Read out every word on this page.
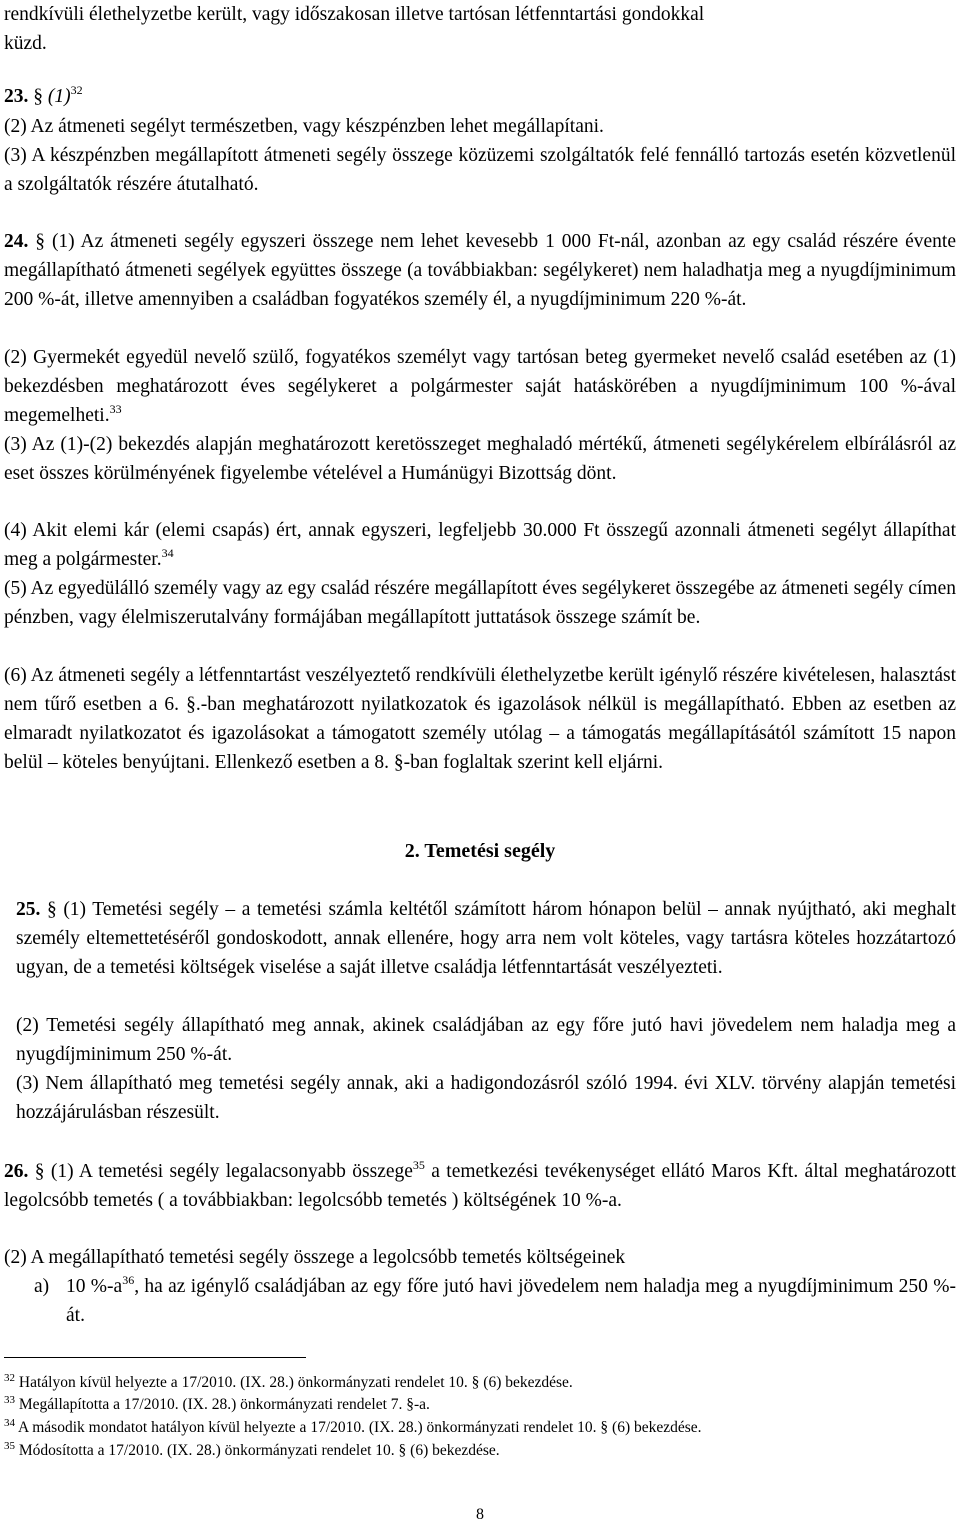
rendkívüli élethelyzetbe került, vagy időszakosan illetve tartósan létfenntartási gondokkal

küzd.

23. § $(1)^{32}$

(2) Az átmeneti segélyt természetben, vagy készpénzben lehet megállapítani.

(3) A készpénzben megállapított átmeneti segély összege közüzemi szolgáltatók felé fennálló tartozás esetén közvetlenül a szolgáltatók részére átutalható.

24. § (1) Az átmeneti segély egyszeri összege nem lehet kevesebb 1 000 Ft-nál, azonban az egy család részére évente megállapítható átmeneti segélyek együttes összege (a továbbiakban: segélykeret) nem haladhatja meg a nyugdíjminimum 200 %-át, illetve amennyiben a családban fogyatékos személy él, a nyugdíjminimum 220 %-át.

(2) Gyermekét egyedül nevelő szülő, fogyatékos személyt vagy tartósan beteg gyermeket nevelő család esetében az (1) bekezdésben meghatározott éves segélykeret a polgármester saját hatáskörében a nyugdíjminimum 100 %-ával megemelheti.$^{33}$

(3) Az (1)-(2) bekezdés alapján meghatározott keretösszeget meghaladó mértékű, átmeneti segélykérelem elbírálásról az eset összes körülményének figyelembe vételével a Humánügyi Bizottság dönt.

(4) Akit elemi kár (elemi csapás) ért, annak egyszeri, legfeljebb 30.000 Ft összegű azonnali átmeneti segélyt állapíthat meg a polgármester.$^{34}$

(5) Az egyedülálló személy vagy az egy család részére megállapított éves segélykeret összegébe az átmeneti segély címen pénzben, vagy élelmiszerutalvány formájában megállapított juttatások összege számít be.

(6) Az átmeneti segély a létfenntartást veszélyeztető rendkívüli élethelyzetbe került igénylő részére kivételesen, halasztást nem tűrő esetben a 6. §.-ban meghatározott nyilatkozatok és igazolások nélkül is megállapítható. Ebben az esetben az elmaradt nyilatkozatot és igazolásokat a támogatott személy utólag – a támogatás megállapításától számított 15 napon belül – köteles benyújtani. Ellenkező esetben a 8. §-ban foglaltak szerint kell eljárni.

2. Temetési segély

25. § (1) Temetési segély – a temetési számla keltétől számított három hónapon belül – annak nyújtható, aki meghalt személy eltemettetéséről gondoskodott, annak ellenére, hogy arra nem volt köteles, vagy tartásra köteles hozzátartozó ugyan, de a temetési költségek viselése a saját illetve családja létfenntartását veszélyezteti.

(2) Temetési segély állapítható meg annak, akinek családjában az egy főre jutó havi jövedelem nem haladja meg a nyugdíjminimum 250 %-át.

(3) Nem állapítható meg temetési segély annak, aki a hadigondozásról szóló 1994. évi XLV. törvény alapján temetési hozzájárulásban részesült.

26. § (1) A temetési segély legalacsonyabb összege$^{35}$ a temetkezési tevékenységet ellátó Maros Kft. által meghatározott legolcsóbb temetés ( a továbbiakban: legolcsóbb temetés ) költségének 10 %-a.

(2) A megállapítható temetési segély összege a legolcsóbb temetés költségeinek

a) 10 $\%-a^{36}$, ha az igénylő családjában az egy főre jutó havi jövedelem nem haladja meg a nyugdíjminimum 250 %-át.
$^{32}$ Hatályon kívül helyezte a 17/2010. (IX. 28.) önkormányzati rendelet 10. § (6) bekezdése.
$^{33}$ Megállapította a 17/2010. (IX. 28.) önkormányzati rendelet 7. §-a.
$^{34}$ A második mondatot hatályon kívül helyezte a 17/2010. (IX. 28.) önkormányzati rendelet 10. § (6) bekezdése.
$^{35}$ Módosította a 17/2010. (IX. 28.) önkormányzati rendelet 10. § (6) bekezdése.
8
